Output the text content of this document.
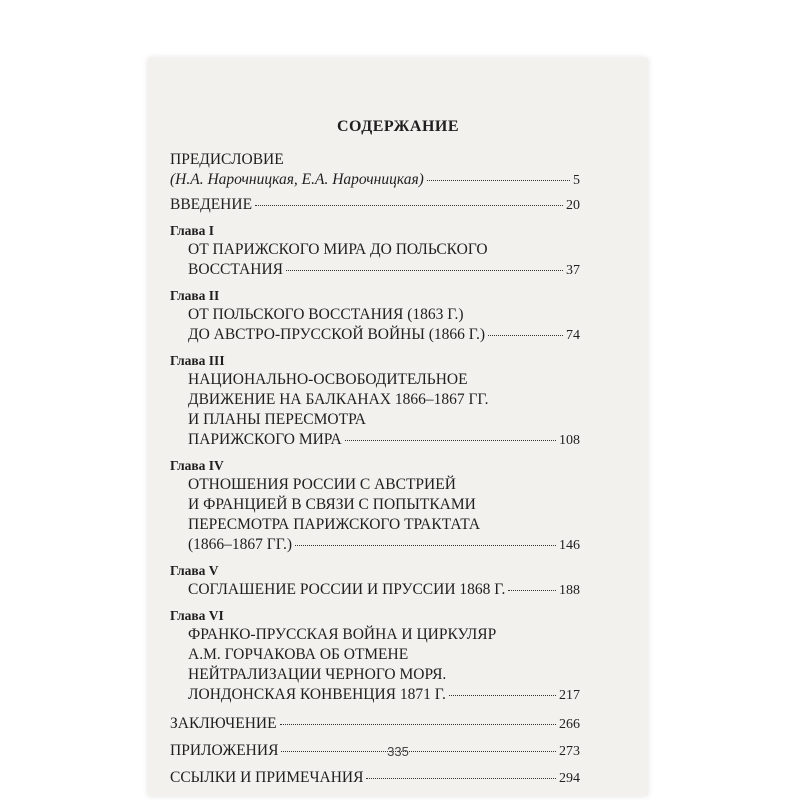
СОДЕРЖАНИЕ
ПРЕДИСЛОВИЕ
(Н.А. Нарочницкая, Е.А. Нарочницкая)	5
ВВЕДЕНИЕ	20
Глава I
ОТ ПАРИЖСКОГО МИРА ДО ПОЛЬСКОГО
ВОССТАНИЯ	37
Глава II
ОТ ПОЛЬСКОГО ВОССТАНИЯ (1863 Г.)
ДО АВСТРО-ПРУССКОЙ ВОЙНЫ (1866 Г.)	74
Глава III
НАЦИОНАЛЬНО-ОСВОБОДИТЕЛЬНОЕ
ДВИЖЕНИЕ НА БАЛКАНАХ 1866–1867 ГГ.
И ПЛАНЫ ПЕРЕСМОТРА
ПАРИЖСКОГО МИРА	108
Глава IV
ОТНОШЕНИЯ РОССИИ С АВСТРИЕЙ
И ФРАНЦИЕЙ В СВЯЗИ С ПОПЫТКАМИ
ПЕРЕСМОТРА ПАРИЖСКОГО ТРАКТАТА
(1866–1867 ГГ.)	146
Глава V
СОГЛАШЕНИЕ РОССИИ И ПРУССИИ 1868 Г.	188
Глава VI
ФРАНКО-ПРУССКАЯ ВОЙНА И ЦИРКУЛЯР
А.М. ГОРЧАКОВА ОБ ОТМЕНЕ
НЕЙТРАЛИЗАЦИИ ЧЕРНОГО МОРЯ.
ЛОНДОНСКАЯ КОНВЕНЦИЯ 1871 Г.	217
ЗАКЛЮЧЕНИЕ	266
ПРИЛОЖЕНИЯ	273
ССЫЛКИ И ПРИМЕЧАНИЯ	294
335
